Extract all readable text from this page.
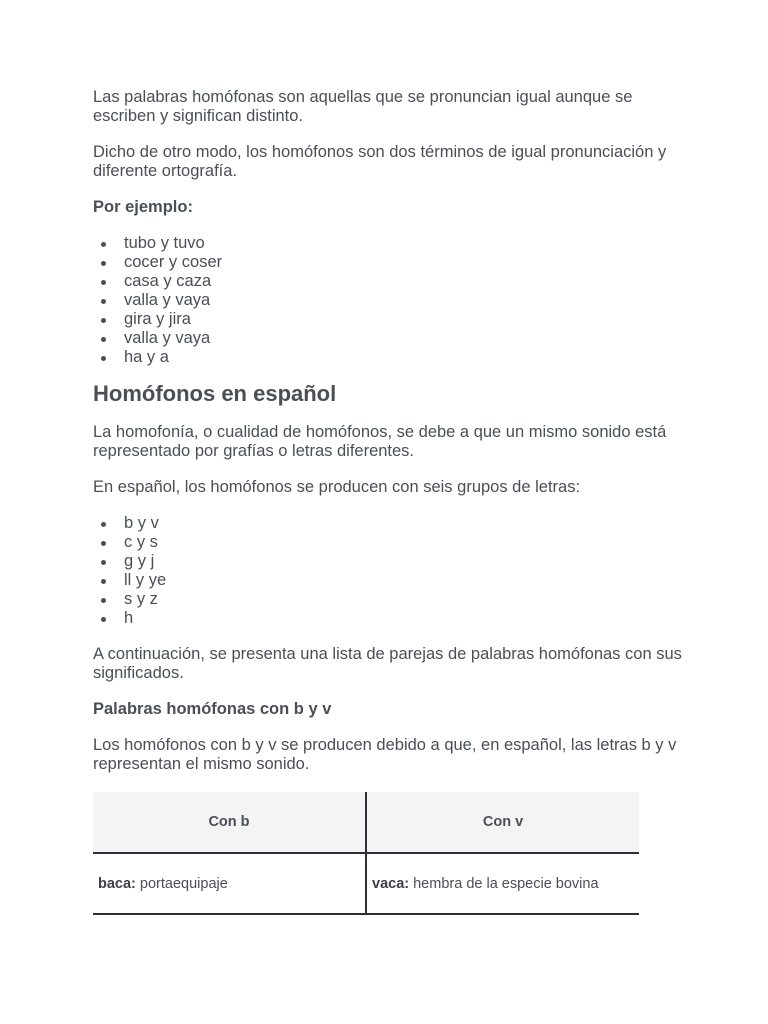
Las palabras homófonas son aquellas que se pronuncian igual aunque se escriben y significan distinto.

Dicho de otro modo, los homófonos son dos términos de igual pronunciación y diferente ortografía.

Por ejemplo:

tubo y tuvo
cocer y coser
casa y caza
valla y vaya
gira y jira
valla y vaya
ha y a
Homófonos en español

La homofonía, o cualidad de homófonos, se debe a que un mismo sonido está representado por grafías o letras diferentes.

En español, los homófonos se producen con seis grupos de letras:

b y v
c y s
g y j
ll y ye
s y z
h

A continuación, se presenta una lista de parejas de palabras homófonas con sus significados.

Palabras homófonas con b y v

Los homófonos con b y v se producen debido a que, en español, las letras b y v representan el mismo sonido.

Con b	Con v
baca: portaequipaje	vaca: hembra de la especie bovina
